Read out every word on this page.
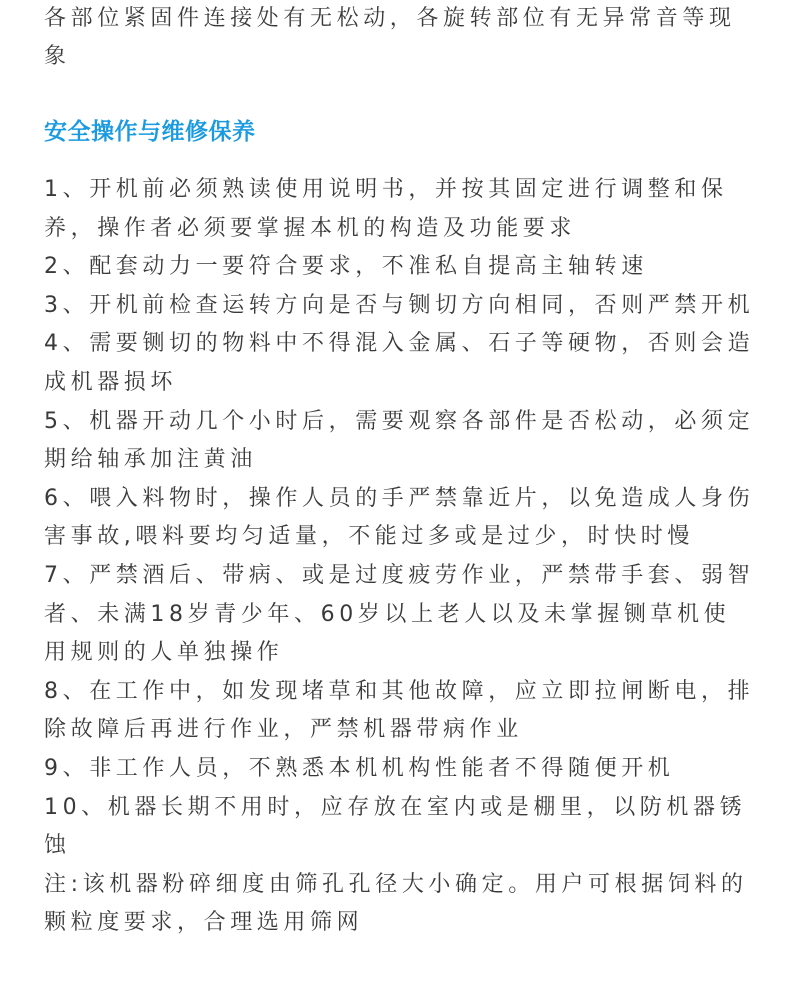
各部位紧固件连接处有无松动，各旋转部位有无异常音等现象

安全操作与维修保养
1、开机前必须熟读使用说明书，并按其固定进行调整和保养，操作者必须要掌握本机的构造及功能要求
2、配套动力一要符合要求，不准私自提高主轴转速
3、开机前检查运转方向是否与铡切方向相同，否则严禁开机
4、需要铡切的物料中不得混入金属、石子等硬物，否则会造成机器损坏
5、机器开动几个小时后，需要观察各部件是否松动，必须定期给轴承加注黄油
6、喂入料物时，操作人员的手严禁靠近片，以免造成人身伤害事故,喂料要均匀适量，不能过多或是过少，时快时慢
7、严禁酒后、带病、或是过度疲劳作业，严禁带手套、弱智者、未满18岁青少年、60岁以上老人以及未掌握铡草机使用规则的人单独操作
8、在工作中，如发现堵草和其他故障，应立即拉闸断电，排除故障后再进行作业，严禁机器带病作业
9、非工作人员，不熟悉本机机构性能者不得随便开机
10、机器长期不用时，应存放在室内或是棚里，以防机器锈蚀
注:该机器粉碎细度由筛孔孔径大小确定。用户可根据饲料的颗粒度要求，合理选用筛网
